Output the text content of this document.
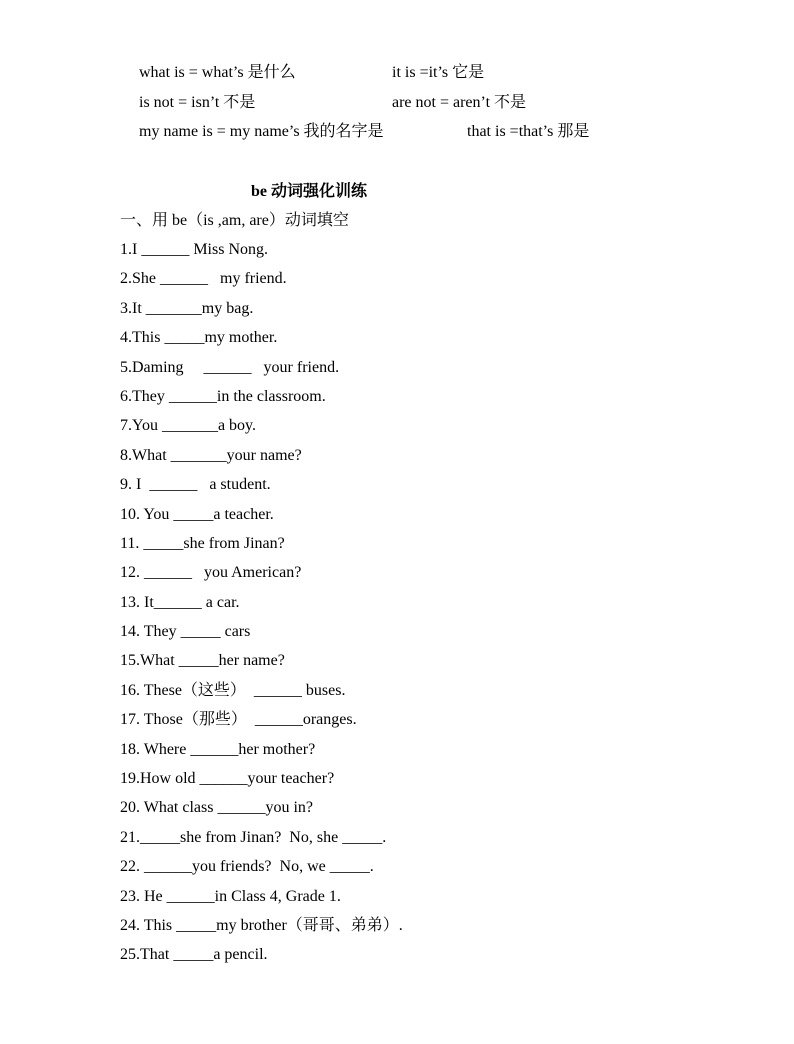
what is = what’s 是什么	it is =it’s 它是
is not = isn’t 不是	are not = aren’t 不是
my name is = my name’s 我的名字是	that is =that’s 那是
be 动词强化训练
一、用 be（is ,am, are）动词填空
1.I ______ Miss Nong.
2.She ______   my friend.
3.It _______my bag.
4.This _____my mother.
5.Daming     ______   your friend.
6.They ______in the classroom.
7.You _______a boy.
8.What _______your name?
9. I  ______   a student.
10. You _____a teacher.
11. _____she from Jinan?
12. ______   you American?
13. It______ a car.
14. They _____ cars
15.What _____her name?
16. These（这些）  ______ buses.
17. Those（那些）  ______oranges.
18. Where ______her mother?
19.How old ______your teacher?
20. What class ______you in?
21._____she from Jinan?  No, she _____.
22. ______you friends?  No, we _____.
23. He ______in Class 4, Grade 1.
24. This _____my brother（哥哥、弟弟）.
25.That _____a pencil.
